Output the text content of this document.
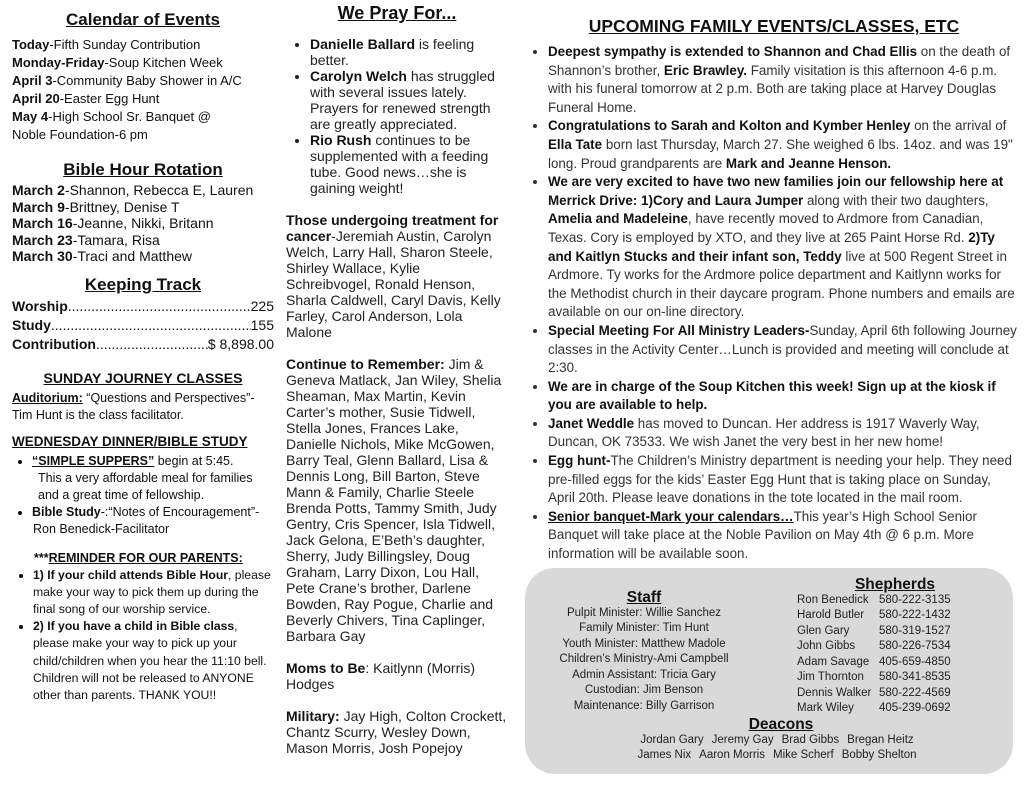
Calendar of Events
Today-Fifth Sunday Contribution
Monday-Friday-Soup Kitchen Week
April 3-Community Baby Shower in A/C
April 20-Easter Egg Hunt
May 4-High School Sr. Banquet @
Noble Foundation-6 pm
Bible Hour Rotation
March 2-Shannon, Rebecca E, Lauren
March 9-Brittney, Denise T
March 16-Jeanne, Nikki, Britann
March 23-Tamara, Risa
March 30-Traci and Matthew
Keeping Track
Worship .....	225
Study .....	155
Contribution .....	$ 8,898.00
SUNDAY JOURNEY CLASSES
Auditorium: “Questions and Perspectives”-
Tim Hunt is the class facilitator.
WEDNESDAY DINNER/BIBLE STUDY
• “SIMPLE SUPPERS” begin at 5:45.
This a very affordable meal for families
and a great time of fellowship.
• Bible Study-:“Notes of Encouragement”-
Ron Benedick-Facilitator
***REMINDER FOR OUR PARENTS:
• 1) If your child attends Bible Hour, please make your way to pick them up during the final song of our worship service.
• 2) If you have a child in Bible class, please make your way to pick up your child/children when you hear the 11:10 bell. Children will not be released to ANYONE other than parents. THANK YOU!!
We Pray For...
• Danielle Ballard is feeling better.
• Carolyn Welch has struggled with several issues lately. Prayers for renewed strength are greatly appreciated.
• Rio Rush continues to be supplemented with a feeding tube. Good news…she is gaining weight!
Those undergoing treatment for cancer-Jeremiah Austin, Carolyn Welch, Larry Hall, Sharon Steele, Shirley Wallace, Kylie Schreibvogel, Ronald Henson, Sharla Caldwell, Caryl Davis, Kelly Farley, Carol Anderson, Lola Malone
Continue to Remember: Jim & Geneva Matlack, Jan Wiley, Shelia Sheaman, Max Martin, Kevin Carter’s mother, Susie Tidwell, Stella Jones, Frances Lake, Danielle Nichols, Mike McGowen, Barry Teal, Glenn Ballard, Lisa & Dennis Long, Bill Barton, Steve Mann & Family, Charlie Steele Brenda Potts, Tammy Smith, Judy Gentry, Cris Spencer, Isla Tidwell, Jack Gelona, E’Beth’s daughter, Sherry, Judy Billingsley, Doug Graham, Larry Dixon, Lou Hall, Pete Crane’s brother, Darlene Bowden, Ray Pogue, Charlie and Beverly Chivers, Tina Caplinger, Barbara Gay
Moms to Be: Kaitlynn (Morris) Hodges
Military: Jay High, Colton Crockett, Chantz Scurry, Wesley Down, Mason Morris, Josh Popejoy
UPCOMING FAMILY EVENTS/CLASSES, ETC
• Deepest sympathy is extended to Shannon and Chad Ellis on the death of Shannon’s brother, Eric Brawley. Family visitation is this afternoon 4-6 p.m. with his funeral tomorrow at 2 p.m. Both are taking place at Harvey Douglas Funeral Home.
• Congratulations to Sarah and Kolton and Kymber Henley on the arrival of Ella Tate born last Thursday, March 27. She weighed 6 lbs. 14oz. and was 19" long. Proud grandparents are Mark and Jeanne Henson.
• We are very excited to have two new families join our fellowship here at Merrick Drive: 1)Cory and Laura Jumper along with their two daughters, Amelia and Madeleine, have recently moved to Ardmore from Canadian, Texas. Cory is employed by XTO, and they live at 265 Paint Horse Rd. 2)Ty and Kaitlyn Stucks and their infant son, Teddy live at 500 Regent Street in Ardmore. Ty works for the Ardmore police department and Kaitlynn works for the Methodist church in their daycare program. Phone numbers and emails are available on our on-line directory.
• Special Meeting For All Ministry Leaders-Sunday, April 6th following Journey classes in the Activity Center…Lunch is provided and meeting will conclude at 2:30.
• We are in charge of the Soup Kitchen this week! Sign up at the kiosk if you are available to help.
• Janet Weddle has moved to Duncan. Her address is 1917 Waverly Way, Duncan, OK 73533. We wish Janet the very best in her new home!
• Egg hunt-The Children’s Ministry department is needing your help. They need pre-filled eggs for the kids’ Easter Egg Hunt that is taking place on Sunday, April 20th. Please leave donations in the tote located in the mail room.
• Senior banquet-Mark your calendars…This year’s High School Senior Banquet will take place at the Noble Pavilion on May 4th @ 6 p.m. More information will be available soon.
Staff
Pulpit Minister: Willie Sanchez
Family Minister: Tim Hunt
Youth Minister: Matthew Madole
Children’s Ministry-Ami Campbell
Admin Assistant: Tricia Gary
Custodian: Jim Benson
Maintenance: Billy Garrison
Shepherds
Ron Benedick 580-222-3135
Harold Butler 580-222-1432
Glen Gary	580-319-1527
John Gibbs 580-226-7534
Adam Savage 405-659-4850
Jim Thornton 580-341-8535
Dennis Walker 580-222-4569
Mark Wiley 405-239-0692
Deacons
Jordan Gary Jeremy Gay Brad Gibbs Bregan Heitz
James Nix Aaron Morris Mike Scherf Bobby Shelton
